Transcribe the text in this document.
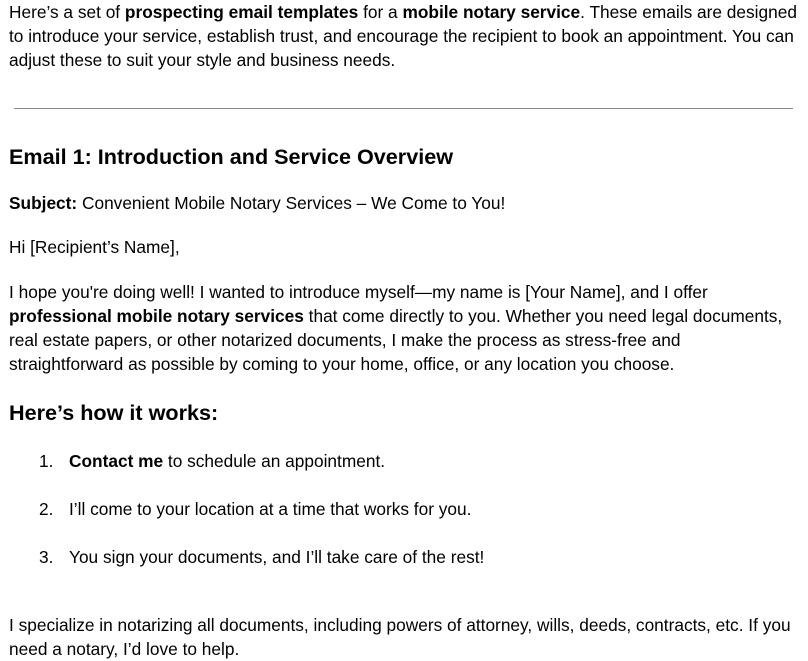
Here’s a set of prospecting email templates for a mobile notary service. These emails are designed to introduce your service, establish trust, and encourage the recipient to book an appointment. You can adjust these to suit your style and business needs.

Email 1: Introduction and Service Overview

Subject: Convenient Mobile Notary Services – We Come to You!

Hi [Recipient’s Name],

I hope you're doing well! I wanted to introduce myself—my name is [Your Name], and I offer professional mobile notary services that come directly to you. Whether you need legal documents, real estate papers, or other notarized documents, I make the process as stress-free and straightforward as possible by coming to your home, office, or any location you choose.

Here’s how it works:
1. Contact me to schedule an appointment.
2. I’ll come to your location at a time that works for you.
3. You sign your documents, and I’ll take care of the rest!

I specialize in notarizing all documents, including powers of attorney, wills, deeds, contracts, etc. If you need a notary, I’d love to help.
